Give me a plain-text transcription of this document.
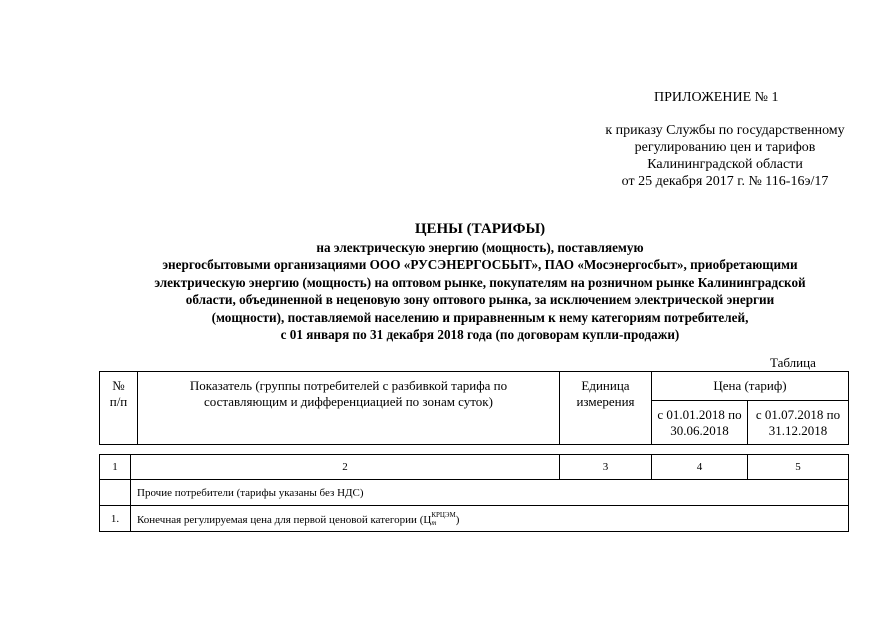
ПРИЛОЖЕНИЕ № 1
к приказу Службы по государственному
регулированию цен и тарифов
Калининградской области
от 25 декабря 2017 г. № 116-16э/17
ЦЕНЫ (ТАРИФЫ)
на электрическую энергию (мощность), поставляемую
энергосбытовыми организациями ООО «РУСЭНЕРГОСБЫТ», ПАО «Мосэнергосбыт», приобретающими
электрическую энергию (мощность) на оптовом рынке, покупателям на розничном рынке Калининградской
области, объединенной в неценовую зону оптового рынка, за исключением электрической энергии
(мощности), поставляемой населению и приравненным к нему категориям потребителей,
с 01 января по 31 декабря 2018 года (по договорам купли-продажи)
Таблица
№ п/п	Показатель (группы потребителей с разбивкой тарифа по составляющим и дифференциацией по зонам суток)	Единица измерения	Цена (тариф)	

			с 01.01.2018 по 30.06.2018	с 01.07.2018 по 31.12.2018
1	2	3	4	5
	Прочие потребители (тарифы указаны без НДС)			
1.	Конечная регулируемая цена для первой ценовой категории (Ц КРЦЭМ
m )			
